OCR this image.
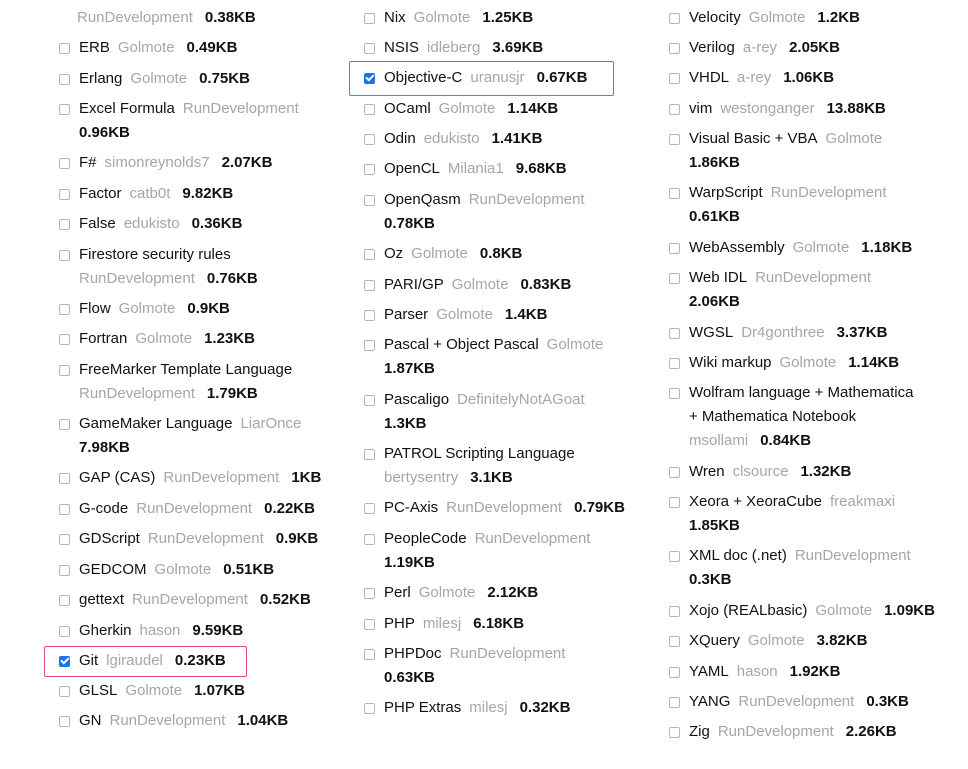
RunDevelopment 0.38KB
ERB Golmote 0.49KB
Erlang Golmote 0.75KB
Excel Formula RunDevelopment
0.96KB
F# simonreynolds7 2.07KB
Factor catb0t 9.82KB
False edukisto 0.36KB
Firestore security rules
RunDevelopment 0.76KB
Flow Golmote 0.9KB
Fortran Golmote 1.23KB
FreeMarker Template Language
RunDevelopment 1.79KB
GameMaker Language LiarOnce
7.98KB
GAP (CAS) RunDevelopment 1KB
G-code RunDevelopment 0.22KB
GDScript RunDevelopment 0.9KB
GEDCOM Golmote 0.51KB
gettext RunDevelopment 0.52KB
Gherkin hason 9.59KB
Git lgiraudel 0.23KB
GLSL Golmote 1.07KB
GN RunDevelopment 1.04KB
Nix Golmote 1.25KB
NSIS idleberg 3.69KB
Objective-C uranusjr 0.67KB
OCaml Golmote 1.14KB
Odin edukisto 1.41KB
OpenCL Milania1 9.68KB
OpenQasm RunDevelopment
0.78KB
Oz Golmote 0.8KB
PARI/GP Golmote 0.83KB
Parser Golmote 1.4KB
Pascal + Object Pascal Golmote
1.87KB
Pascaligo DefinitelyNotAGoat
1.3KB
PATROL Scripting Language
bertysentry 3.1KB
PC-Axis RunDevelopment 0.79KB
PeopleCode RunDevelopment
1.19KB
Perl Golmote 2.12KB
PHP milesj 6.18KB
PHPDoc RunDevelopment
0.63KB
PHP Extras milesj 0.32KB
Velocity Golmote 1.2KB
Verilog a-rey 2.05KB
VHDL a-rey 1.06KB
vim westonganger 13.88KB
Visual Basic + VBA Golmote
1.86KB
WarpScript RunDevelopment
0.61KB
WebAssembly Golmote 1.18KB
Web IDL RunDevelopment
2.06KB
WGSL Dr4gonthree 3.37KB
Wiki markup Golmote 1.14KB
Wolfram language + Mathematica
+ Mathematica Notebook
msollami 0.84KB
Wren clsource 1.32KB
Xeora + XeoraCube freakmaxi
1.85KB
XML doc (.net) RunDevelopment
0.3KB
Xojo (REALbasic) Golmote 1.09KB
XQuery Golmote 3.82KB
YAML hason 1.92KB
YANG RunDevelopment 0.3KB
Zig RunDevelopment 2.26KB
